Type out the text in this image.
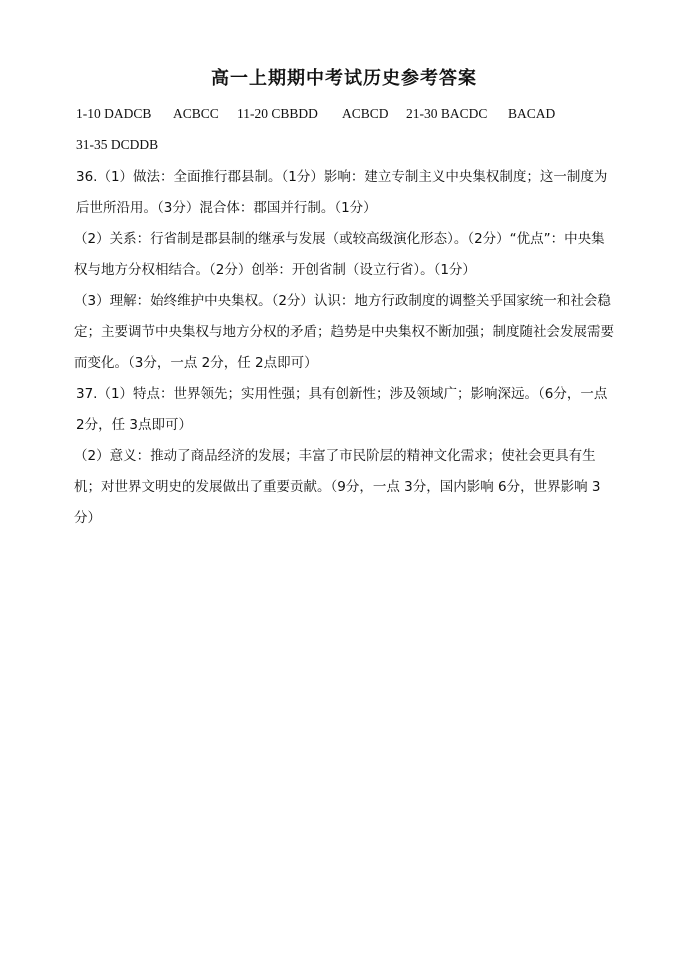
高一上期期中考试历史参考答案
1-10 DADCB ACBCC 11-20 CBBDD ACBCD 21-30 BACDC BACAD
31-35 DCDDB
36.（1）做法：全面推行郡县制。（1分）影响：建立专制主义中央集权制度；这一制度为后世所沿用。（3分）混合体：郡国并行制。（1分）
（2）关系：行省制是郡县制的继承与发展（或较高级演化形态）。（2分）“优点”：中央集权与地方分权相结合。（2分）创举：开创省制（设立行省）。（1分）
（3）理解：始终维护中央集权。（2分）认识：地方行政制度的调整关乎国家统一和社会稳定；主要调节中央集权与地方分权的矛盾；趋势是中央集权不断加强；制度随社会发展需要而变化。（3分，一点 2分，任 2点即可）
37.（1）特点：世界领先；实用性强；具有创新性；涉及领域广；影响深远。（6分，一点 2分，任 3点即可）
（2）意义：推动了商品经济的发展；丰富了市民阶层的精神文化需求；使社会更具有生机；对世界文明史的发展做出了重要贡献。（9分，一点 3分，国内影响 6分，世界影响 3分）
